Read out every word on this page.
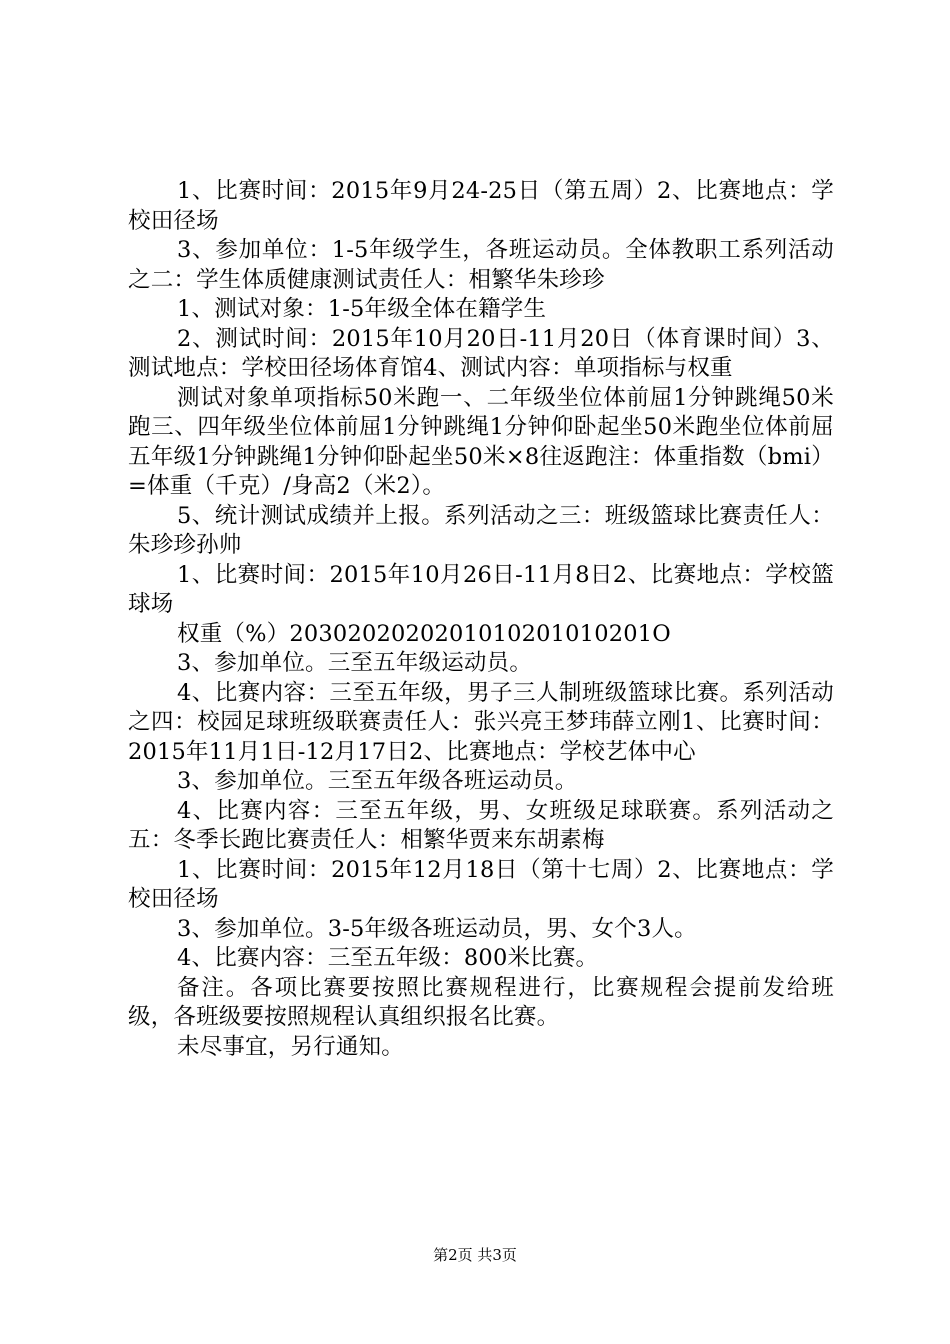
1、比赛时间：2015年9月24-25日（第五周）2、比赛地点：学校田径场

3、参加单位：1-5年级学生，各班运动员。全体教职工系列活动之二：学生体质健康测试责任人：相繁华朱珍珍

1、测试对象：1-5年级全体在籍学生

2、测试时间：2015年10月20日-11月20日（体育课时间）3、测试地点：学校田径场体育馆4、测试内容：单项指标与权重

测试对象单项指标50米跑一、二年级坐位体前屈1分钟跳绳50米跑三、四年级坐位体前屈1分钟跳绳1分钟仰卧起坐50米跑坐位体前屈五年级1分钟跳绳1分钟仰卧起坐50米×8往返跑注：体重指数（bmi）=体重（千克）/身高2（米2）。

5、统计测试成绩并上报。系列活动之三：班级篮球比赛责任人：朱珍珍孙帅

1、比赛时间：2015年10月26日-11月8日2、比赛地点：学校篮球场

权重（%）2030202020201010201010201O

3、参加单位。三至五年级运动员。

4、比赛内容：三至五年级，男子三人制班级篮球比赛。系列活动之四：校园足球班级联赛责任人：张兴亮王梦玮薛立刚1、比赛时间：2015年11月1日-12月17日2、比赛地点：学校艺体中心

3、参加单位。三至五年级各班运动员。

4、比赛内容：三至五年级，男、女班级足球联赛。系列活动之五：冬季长跑比赛责任人：相繁华贾来东胡素梅

1、比赛时间：2015年12月18日（第十七周）2、比赛地点：学校田径场

3、参加单位。3-5年级各班运动员，男、女个3人。

4、比赛内容：三至五年级：800米比赛。

备注。各项比赛要按照比赛规程进行，比赛规程会提前发给班级，各班级要按照规程认真组织报名比赛。

未尽事宜，另行通知。

第2页 共3页
